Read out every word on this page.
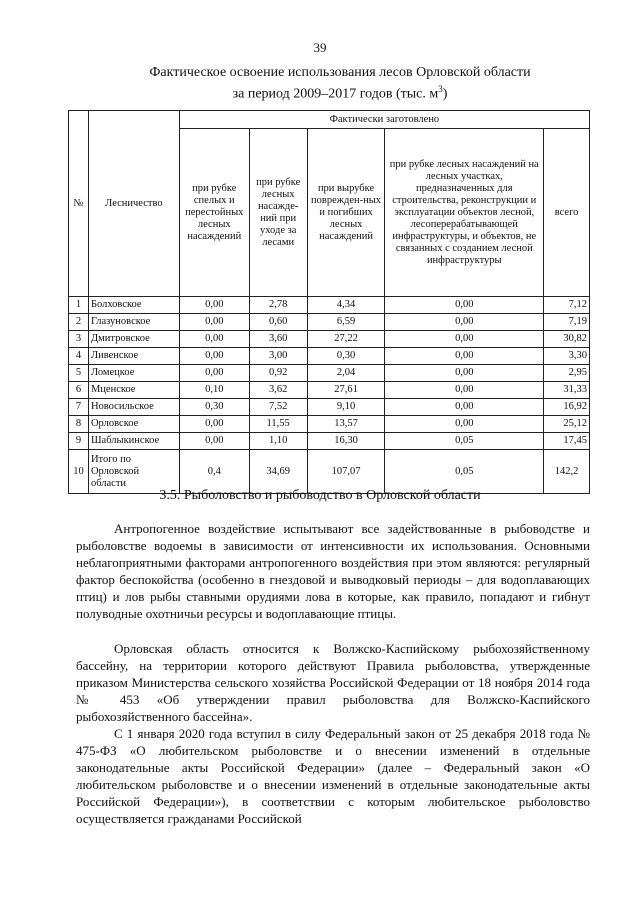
39
Фактическое освоение использования лесов Орловской области
за период 2009–2017 годов (тыс. $м^3$)
№	Лесничество	Фактически заготовлено				
		при рубке спелых и перестойных лесных насаждений	при рубке лесных насажде-ний при уходе за лесами	при вырубке поврежден-ных и погибших лесных насаждений	при рубке лесных насаждений на лесных участках, предназначенных для строительства, реконструкции и эксплуатации объектов лесной, лесоперерабатывающей инфраструктуры, и объектов, не связанных с созданием лесной инфраструктуры	всего
1	Болховское	0,00	2,78	4,34	0,00	7,12
2	Глазуновское	0,00	0,60	6,59	0,00	7,19
3	Дмитровское	0,00	3,60	27,22	0,00	30,82
4	Ливенское	0,00	3,00	0,30	0,00	3,30
5	Ломецкое	0,00	0,92	2,04	0,00	2,95
6	Мценское	0,10	3,62	27,61	0,00	31,33
7	Новосильское	0,30	7,52	9,10	0,00	16,92
8	Орловское	0,00	11,55	13,57	0,00	25,12
9	Шаблыкинское	0,00	1,10	16,30	0,05	17,45
10	Итого по Орловской области	0,4	34,69	107,07	0,05	142,2
3.5. Рыболовство и рыбоводство в Орловской области

Антропогенное воздействие испытывают все задействованные в рыбоводстве и рыболовстве водоемы в зависимости от интенсивности их использования. Основными неблагоприятными факторами антропогенного воздействия при этом являются: регулярный фактор беспокойства (особенно в гнездовой и выводковый периоды – для водоплавающих птиц) и лов рыбы ставными орудиями лова в которые, как правило, попадают и гибнут полуводные охотничьи ресурсы и водоплавающие птицы.

Орловская область относится к Волжско-Каспийскому рыбохозяйственному бассейну, на территории которого действуют Правила рыболовства, утвержденные приказом Министерства сельского хозяйства Российской Федерации от 18 ноября 2014 года № 453 «Об утверждении правил рыболовства для Волжско-Каспийского рыбохозяйственного бассейна».

С 1 января 2020 года вступил в силу Федеральный закон от 25 декабря 2018 года № 475-ФЗ «О любительском рыболовстве и о внесении изменений в отдельные законодательные акты Российской Федерации» (далее – Федеральный закон «О любительском рыболовстве и о внесении изменений в отдельные законодательные акты Российской Федерации»), в соответствии с которым любительское рыболовство осуществляется гражданами Российской
